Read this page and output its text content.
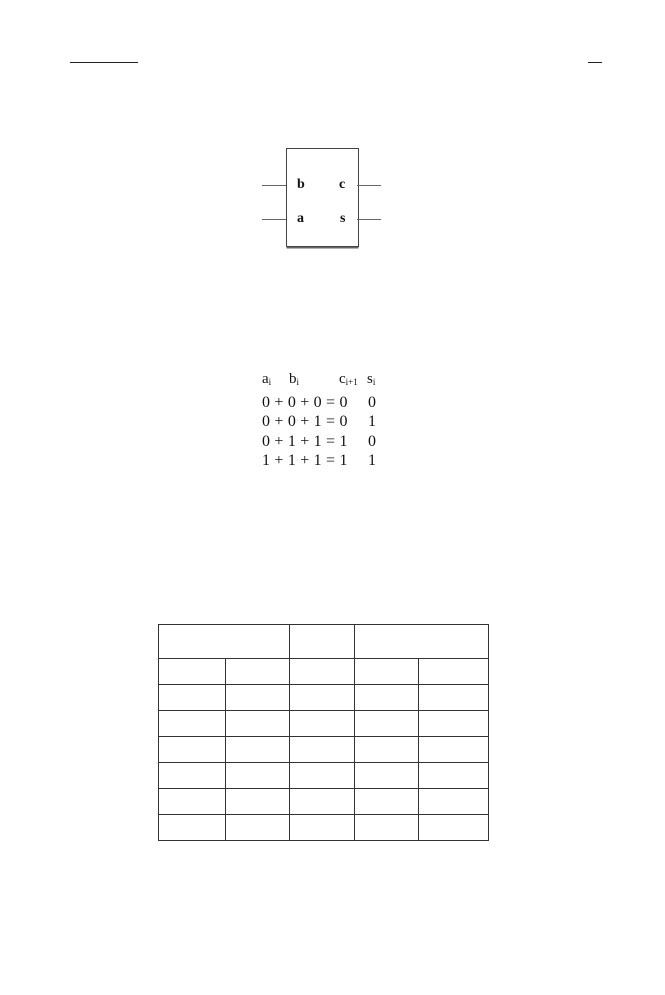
b
a
c
s
$a_i$	$b_i$	$c_{i+1}$ $s_i$
0 + 0 + 0 = 0	0
0 + 0 + 1 = 0	1
0 + 1 + 1 = 1	0
1 + 1 + 1 = 1	1
